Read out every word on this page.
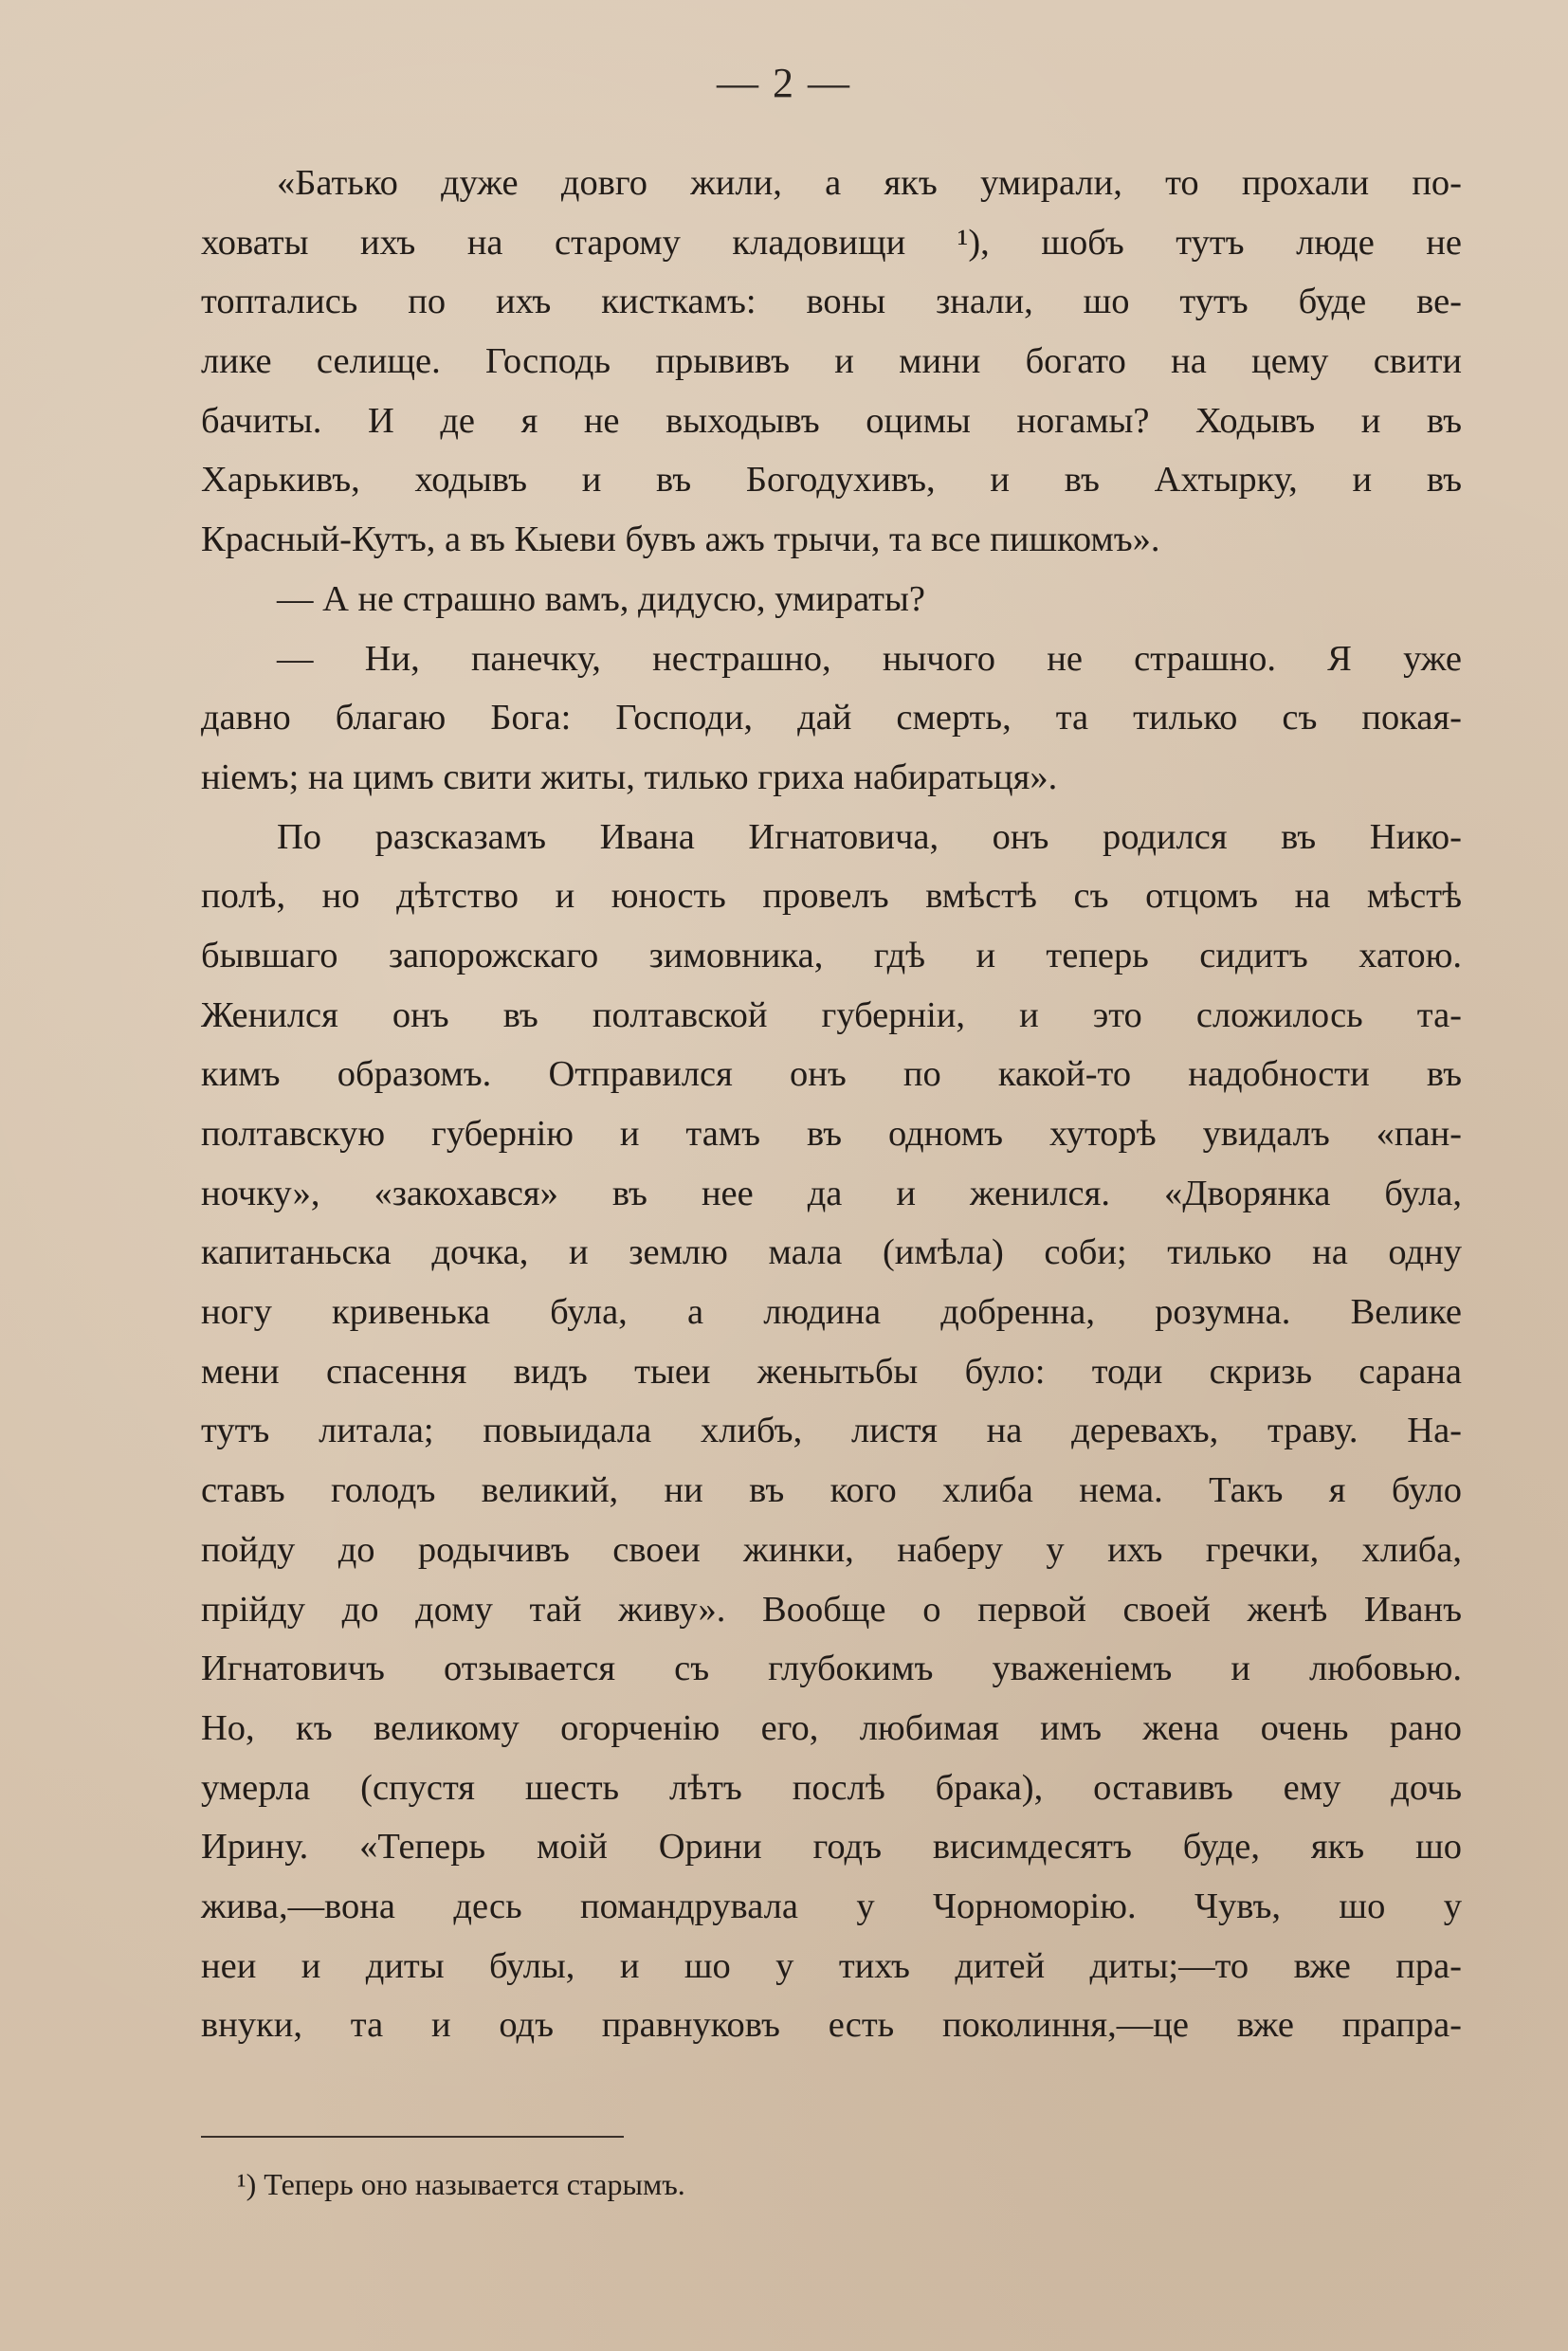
— 2 —
«Батько дуже довго жили, а якъ умирали, то прохали по-
ховаты ихъ на старому кладовищи ¹), шобъ тутъ люде не
топтались по ихъ кисткамъ: воны знали, шо тутъ буде ве-
лике селище. Господь прывивъ и мини богато на цему свити
бачиты. И де я не выходывъ оцимы ногамы? Ходывъ и въ
Харькивъ, ходывъ и въ Богодухивъ, и въ Ахтырку, и въ
Красный-Кутъ, а въ Кыеви бувъ ажъ трычи, та все пишкомъ».
— А не страшно вамъ, дидусю, умираты?
— Ни, панечку, нестрашно, нычого не страшно. Я уже
давно благаю Бога: Господи, дай смерть, та тилько съ покая-
ніемъ; на цимъ свити житы, тилько гриха набиратьця».
По разсказамъ Ивана Игнатовича, онъ родился въ Нико-
полѣ, но дѣтство и юность провелъ вмѣстѣ съ отцомъ на мѣстѣ
бывшаго запорожскаго зимовника, гдѣ и теперь сидитъ хатою.
Женился онъ въ полтавской губерніи, и это сложилось та-
кимъ образомъ. Отправился онъ по какой-то надобности въ
полтавскую губернію и тамъ въ одномъ хуторѣ увидалъ «пан-
ночку», «закохався» въ нее да и женился. «Дворянка була,
капитаньска дочка, и землю мала (имѣла) соби; тилько на одну
ногу кривенька була, а людина добренна, розумна. Велике
мени спасення видъ тыеи женытьбы було: тоди скризь сарана
тутъ литала; повыидала хлибъ, листя на деревахъ, траву. На-
ставъ голодъ великий, ни въ кого хлиба нема. Такъ я було
пойду до родычивъ своеи жинки, наберу у ихъ гречки, хлиба,
прійду до дому тай живу». Вообще о первой своей женѣ Иванъ
Игнатовичъ отзывается съ глубокимъ уваженіемъ и любовью.
Но, къ великому огорченію его, любимая имъ жена очень рано
умерла (спустя шесть лѣтъ послѣ брака), оставивъ ему дочь
Ирину. «Теперь моій Орини годъ висимдесятъ буде, якъ шо
жива,—вона десь помандрувала у Чорноморію. Чувъ, шо у
неи и диты булы, и шо у тихъ дитей диты;—то вже пра-
внуки, та и одъ правнуковъ есть поколиння,—це вже прапра-
¹) Теперь оно называется старымъ.
